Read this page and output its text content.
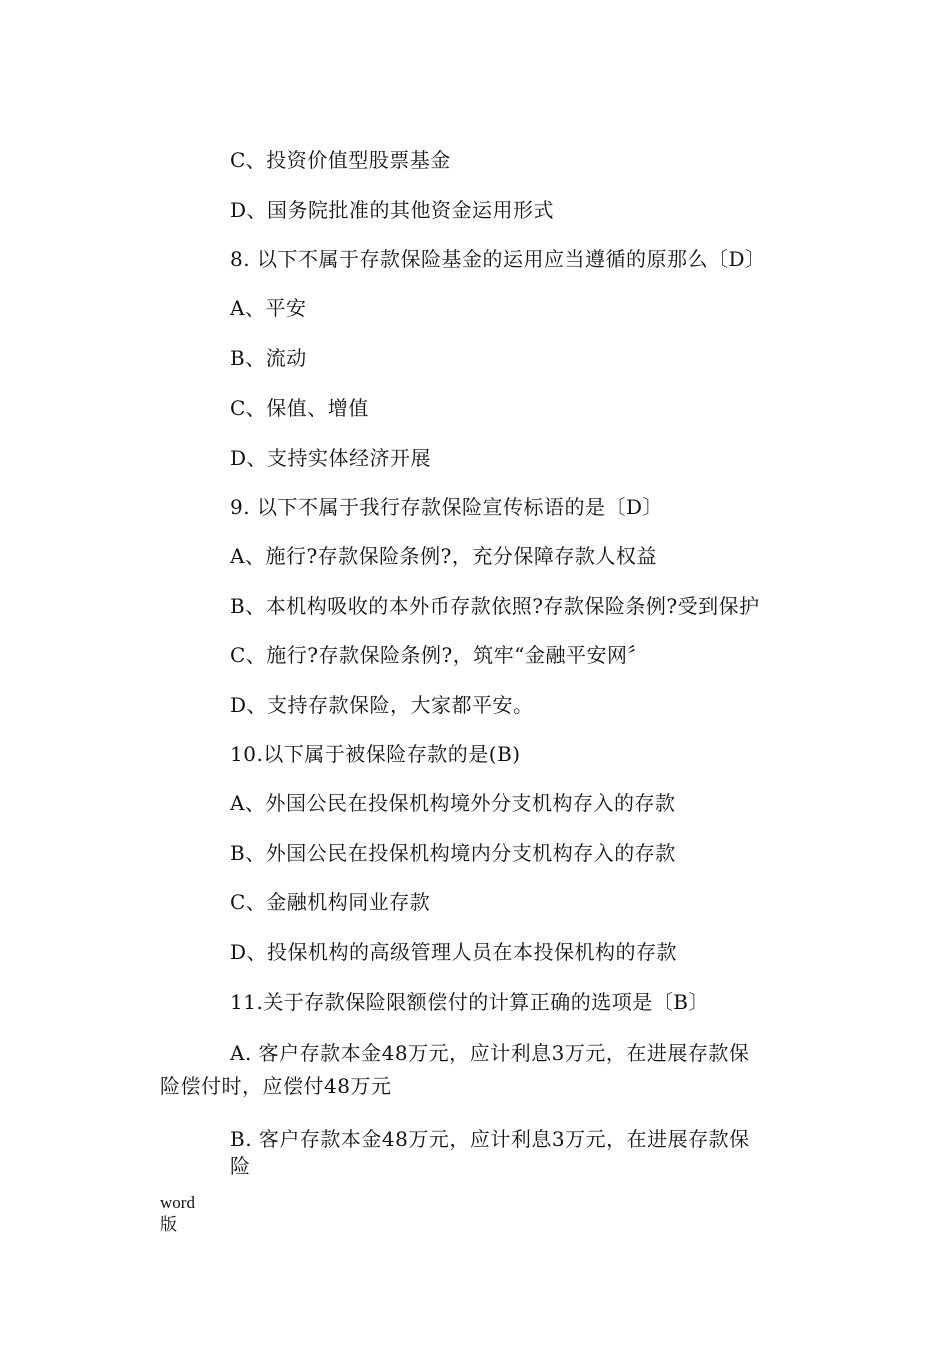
C、投资价值型股票基金
D、国务院批准的其他资金运用形式
8. 以下不属于存款保险基金的运用应当遵循的原那么〔D〕
A、平安
B、流动
C、保值、增值
D、支持实体经济开展
9. 以下不属于我行存款保险宣传标语的是〔D〕
A、施行?存款保险条例?，充分保障存款人权益
B、本机构吸收的本外币存款依照?存款保险条例?受到保护
C、施行?存款保险条例?，筑牢“金融平安网〞
D、支持存款保险，大家都平安。
10.以下属于被保险存款的是(B)
A、外国公民在投保机构境外分支机构存入的存款
B、外国公民在投保机构境内分支机构存入的存款
C、金融机构同业存款
D、投保机构的高级管理人员在本投保机构的存款
11.关于存款保险限额偿付的计算正确的选项是〔B〕
A. 客户存款本金48万元，应计利息3万元，在进展存款保
险偿付时，应偿付48万元
B. 客户存款本金48万元，应计利息3万元，在进展存款保
险
word
版
